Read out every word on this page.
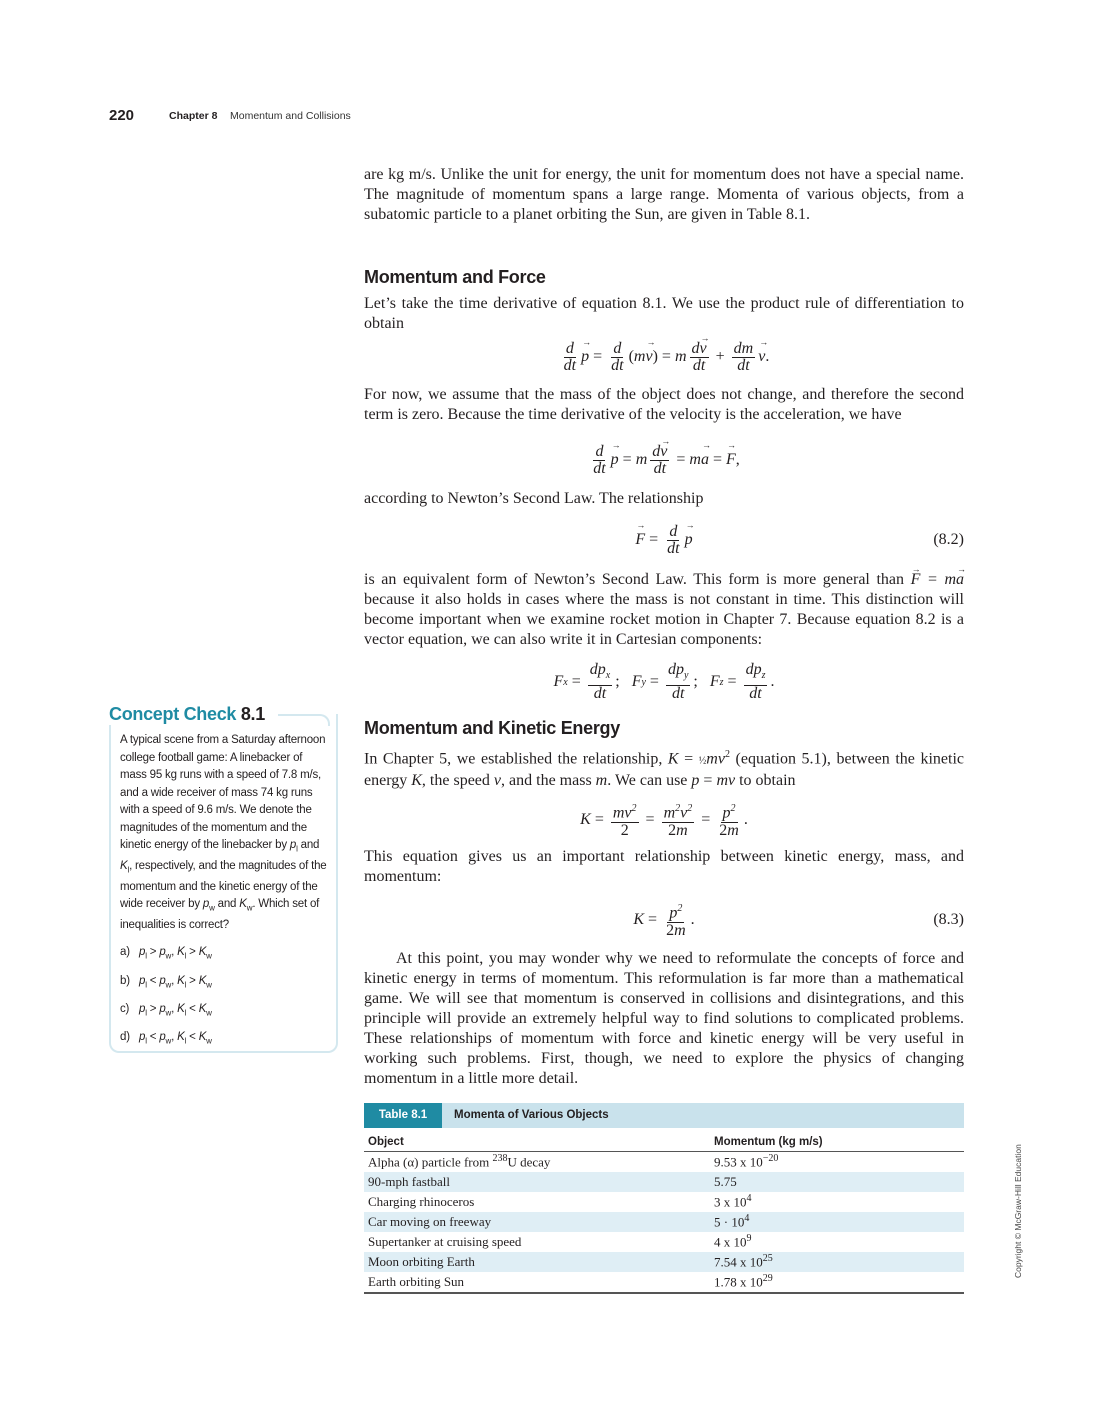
220	Chapter 8 Momentum and Collisions

are kg m/s. Unlike the unit for energy, the unit for momentum does not have a special name. The magnitude of momentum spans a large range. Momenta of various objects, from a subatomic particle to a planet orbiting the Sun, are given in Table 8.1.

Momentum and Force

Let’s take the time derivative of equation 8.1. We use the product rule of differentiation to obtain

$\frac{d}{dt} \to p = \frac{d}{dt}$ ( m → v ) = m $\frac{d\to v}{dt} + \frac{dm}{dt} \to v$ .

For now, we assume that the mass of the object does not change, and therefore the second term is zero. Because the time derivative of the velocity is the acceleration, we have

$\frac{d}{dt} \to p = m \frac{d\to v}{dt} = m \to a$ = → F ,

according to Newton’s Second Law. The relationship

→ $F = \frac{d}{dt} \to p$	(8.2)

is an equivalent form of Newton’s Second Law. This form is more general than → F = m→ a because it also holds in cases where the mass is not constant in time. This distinction will become important when we examine rocket motion in Chapter 7. Because equation 8.2 is a vector equation, we can also write it in Cartesian components:

F $x = \frac{dp_x}{dt}$ ; F $y = \frac{dp_y}{dt}$ ; F $z = \frac{dp_z}{dt}$ .
Momentum and Kinetic Energy

In Chapter 5, we established the relationship, $K = \frac{1}{2}mv^2$ (equation 5.1), between the kinetic energy K, the speed v, and the mass m. We can use p = mv to obtain

$K = \frac{mv^2}{2} = \frac{m^2v^2}{2m} = \frac{p^2}{2m}$ .

This equation gives us an important relationship between kinetic energy, mass, and momentum:

$K = \frac{p^2}{2m}$ .	(8.3)

At this point, you may wonder why we need to reformulate the concepts of force and kinetic energy in terms of momentum. This reformulation is far more than a mathematical game. We will see that momentum is conserved in collisions and disintegrations, and this principle will provide an extremely helpful way to find solutions to complicated problems. These relationships of momentum with force and kinetic energy will be very useful in working such problems. First, though, we need to explore the physics of changing momentum in a little more detail.

Concept Check 8.1
A typical scene from a Saturday afternoon college football game: A linebacker of mass 95 kg runs with a speed of 7.8 m/s, and a wide receiver of mass 74 kg runs with a speed of 9.6 m/s. We denote the magnitudes of the momentum and the kinetic energy of the linebacker by $p_l$ and $K_l$, respectively, and the magnitudes of the momentum and the kinetic energy of the wide receiver by $p_w$ and $K_w$. Which set of inequalities is correct?
a) $p_l > p_w$, $K_l > K_w$
b) $p_l < p_w$, $K_l > K_w$
c) $p_l > p_w$, $K_l < K_w$
d) $p_l < p_w$, $K_l < K_w$
Table 8.1	Momenta of Various Objects
Object	Momentum (kg m/s)
Alpha (α) particle from $^{238}$U decay	9.53 x $10^{-20}$
90-mph fastball	5.75
Charging rhinoceros	3 x $10^4$
Car moving on freeway	$5 \cdot 10^4$
Supertanker at cruising speed	4 x $10^9$
Moon orbiting Earth	7.54 x $10^{25}$
Earth orbiting Sun	1.78 x $10^{29}$
Copyright © McGraw-Hill Education
